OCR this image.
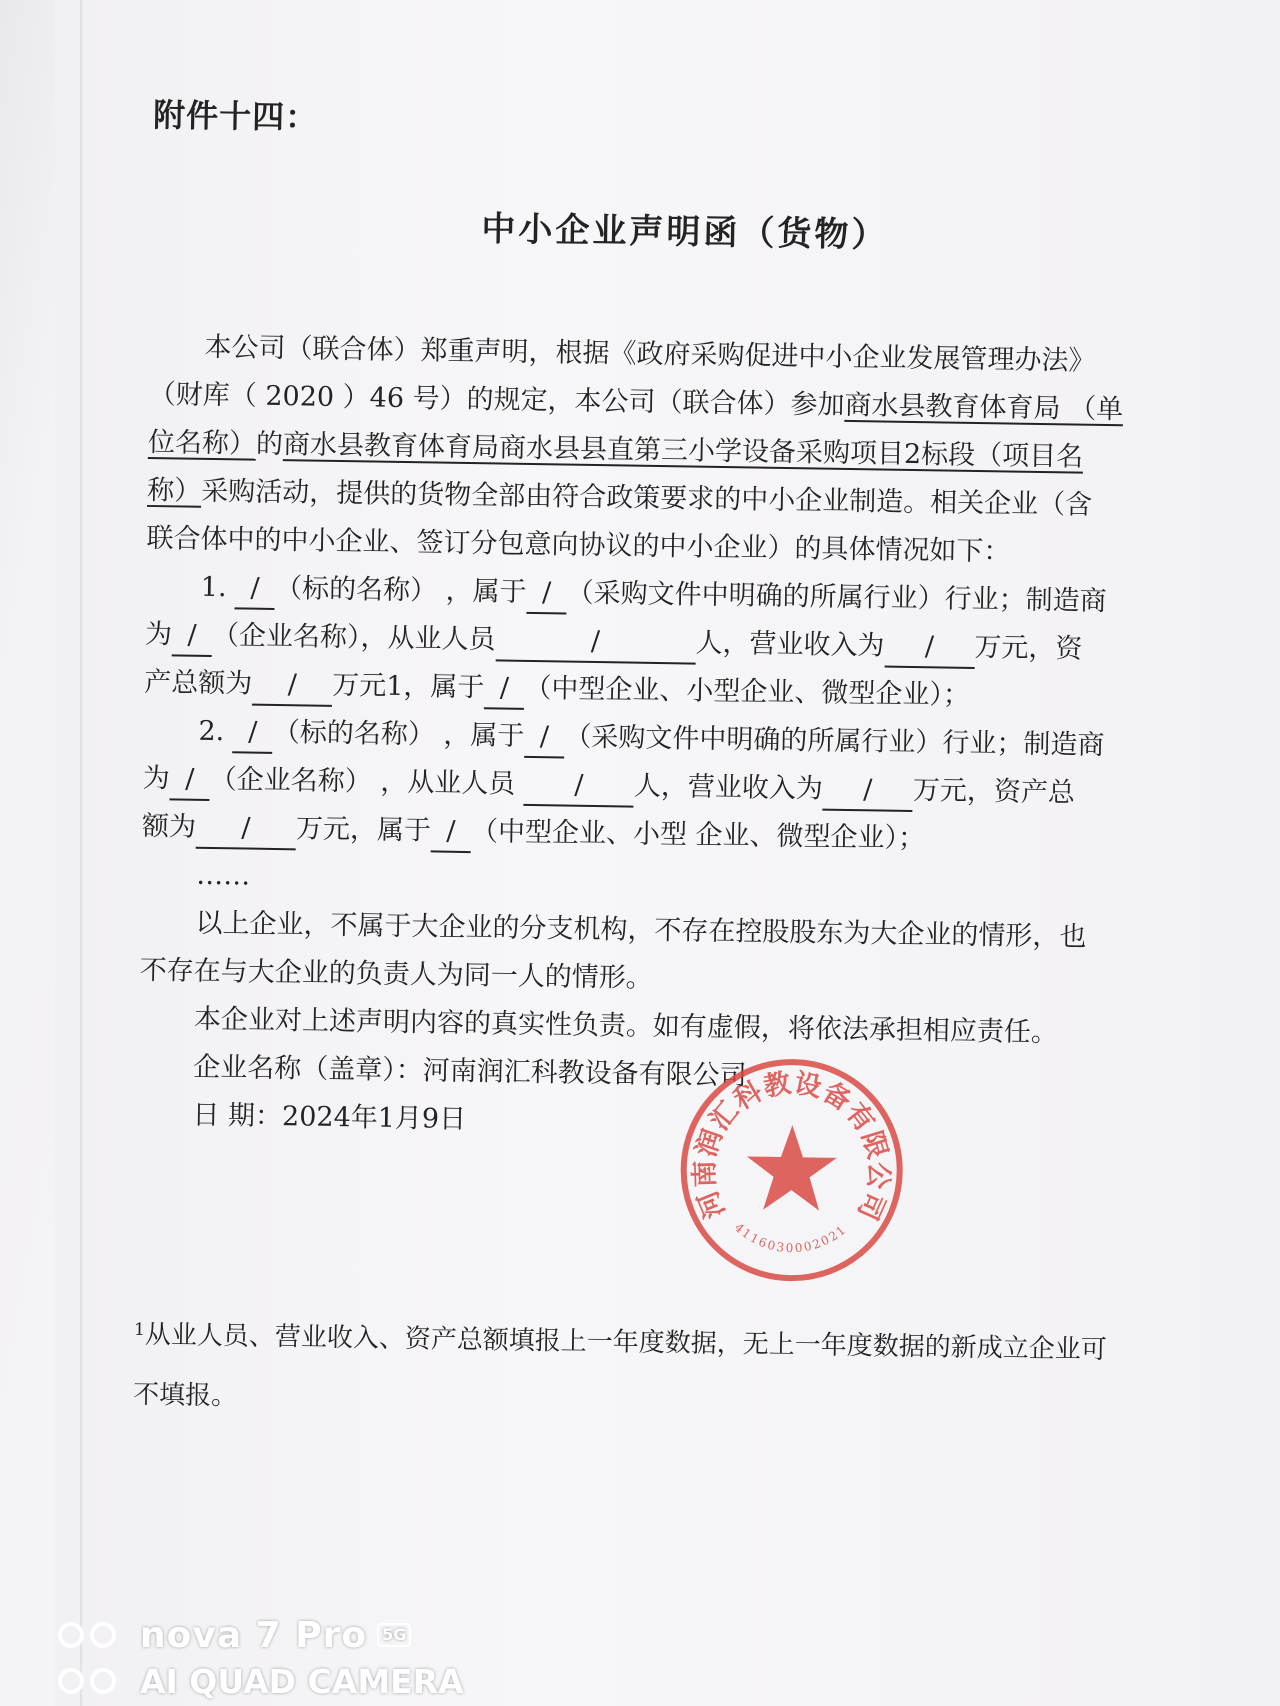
附件十四：
中小企业声明函（货物）
本公司（联合体）郑重声明，根据《政府采购促进中小企业发展管理办法》
（财库（ 2020 ）46 号）的规定，本公司（联合体）参加商水县教育体育局 （单
位名称）的商水县教育体育局商水县县直第三小学设备采购项目2标段（项目名
称）采购活动，提供的货物全部由符合政策要求的中小企业制造。相关企业（含
联合体中的中小企业、签订分包意向协议的中小企业）的具体情况如下：
1. / （标的名称） ，属于 / （采购文件中明确的所属行业）行业；制造商
为 / （企业名称），从业人员	/	人，营业收入为 / 万元，资
产总额为 / 万元1，属于 / （中型企业、小型企业、微型企业）；
2. / （标的名称） ，属于 / （采购文件中明确的所属行业）行业；制造商
为 / （企业名称） ，从业人员 / 人，营业收入为 / 万元，资产总
额为 / 万元，属于 / （中型企业、小型 企业、微型企业）；
……
以上企业，不属于大企业的分支机构，不存在控股股东为大企业的情形，也
不存在与大企业的负责人为同一人的情形。
本企业对上述声明内容的真实性负责。如有虚假，将依法承担相应责任。
企业名称（盖章）：河南润汇科教设备有限公司
日 期：2024年1月9日
河南润汇科教设备有限公司
4116030002021
$^1$从业人员、营业收入、资产总额填报上一年度数据，无上一年度数据的新成立企业可
不填报。
nova 7 Pro 5G
AI QUAD CAMERA
